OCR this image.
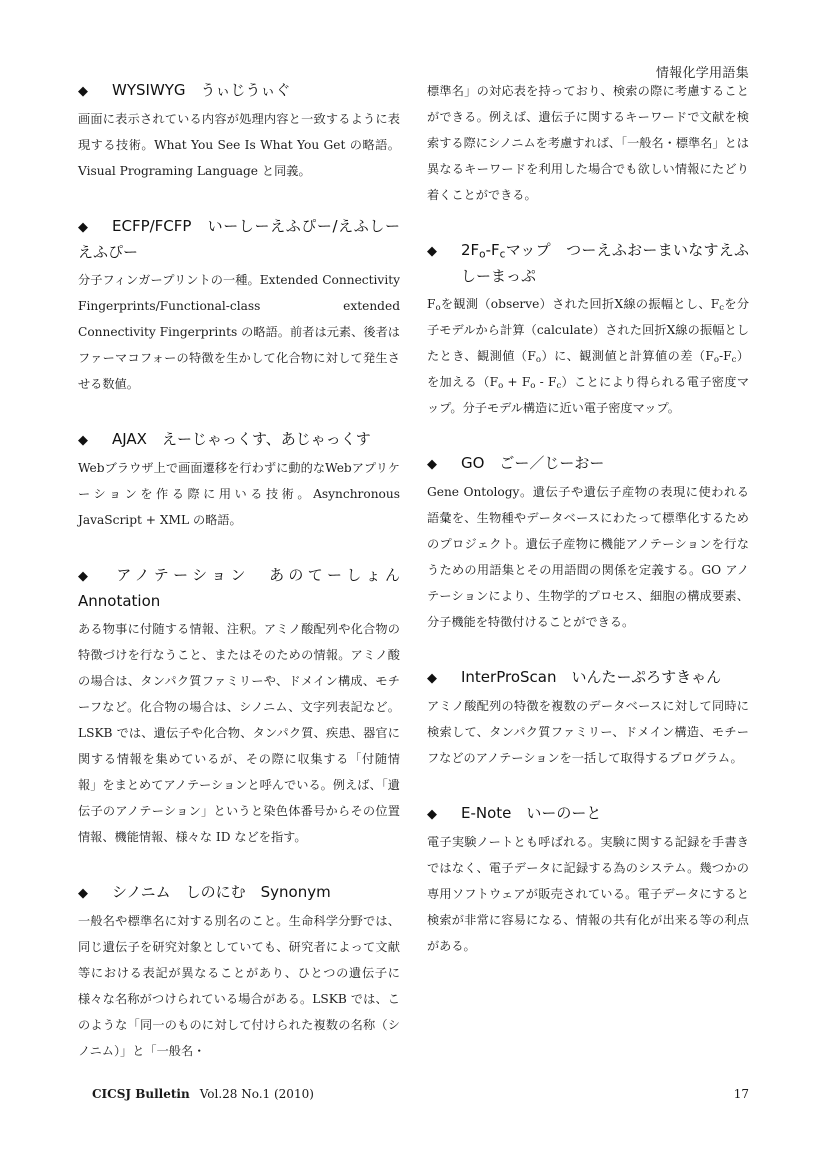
情報化学用語集
◆ WYSIWYG　うぃじうぃぐ
画面に表示されている内容が処理内容と一致するように表現する技術。What You See Is What You Get の略語。Visual Programing Language と同義。
◆ ECFP/FCFP　いーしーえふぴー/えふしーえふぴー
分子フィンガープリントの一種。Extended Connectivity Fingerprints/Functional-class extended Connectivity Fingerprints の略語。前者は元素、後者はファーマコフォーの特徴を生かして化合物に対して発生させる数値。
◆ AJAX　えーじゃっくす、あじゃっくす
Webブラウザ上で画面遷移を行わずに動的なWebアプリケーションを作る際に用いる技術。Asynchronous JavaScript + XML の略語。
◆ アノテーション　あのてーしょん Annotation
ある物事に付随する情報、注釈。アミノ酸配列や化合物の特徴づけを行なうこと、またはそのための情報。アミノ酸の場合は、タンパク質ファミリーや、ドメイン構成、モチーフなど。化合物の場合は、シノニム、文字列表記など。LSKB では、遺伝子や化合物、タンパク質、疾患、器官に関する情報を集めているが、その際に収集する「付随情報」をまとめてアノテーションと呼んでいる。例えば、「遺伝子のアノテーション」というと染色体番号からその位置情報、機能情報、様々な ID などを指す。
◆ シノニム　しのにむ　Synonym
一般名や標準名に対する別名のこと。生命科学分野では、同じ遺伝子を研究対象としていても、研究者によって文献等における表記が異なることがあり、ひとつの遺伝子に様々な名称がつけられている場合がある。LSKB では、このような「同一のものに対して付けられた複数の名称（シノニム）」と「一般名・
標準名」の対応表を持っており、検索の際に考慮することができる。例えば、遺伝子に関するキーワードで文献を検索する際にシノニムを考慮すれば、「一般名・標準名」とは異なるキーワードを利用した場合でも欲しい情報にたどり着くことができる。
◆ $2F_o-F_c$マップ　つーえふおーまいなすえふしーまっぷ
$F_o$を観測（observe）された回折X線の振幅とし、$F_c$を分子モデルから計算（calculate）された回折X線の振幅としたとき、観測値$(F_o)$に、観測値と計算値の差$(F_o-F_c)$を加える$(F_o + F_o - F_c)$ことにより得られる電子密度マップ。分子モデル構造に近い電子密度マップ。
◆ GO　ごー／じーおー
Gene Ontology。遺伝子や遺伝子産物の表現に使われる語彙を、生物種やデータベースにわたって標準化するためのプロジェクト。遺伝子産物に機能アノテーションを行なうための用語集とその用語間の関係を定義する。GO アノテーションにより、生物学的プロセス、細胞の構成要素、分子機能を特徴付けることができる。
◆ InterProScan　いんたーぷろすきゃん
アミノ酸配列の特徴を複数のデータベースに対して同時に検索して、タンパク質ファミリー、ドメイン構造、モチーフなどのアノテーションを一括して取得するプログラム。
◆ E-Note　いーのーと
電子実験ノートとも呼ばれる。実験に関する記録を手書きではなく、電子データに記録する為のシステム。幾つかの専用ソフトウェアが販売されている。電子データにすると検索が非常に容易になる、情報の共有化が出来る等の利点がある。
CICSJ Bulletin Vol.28 No.1 (2010)	17
